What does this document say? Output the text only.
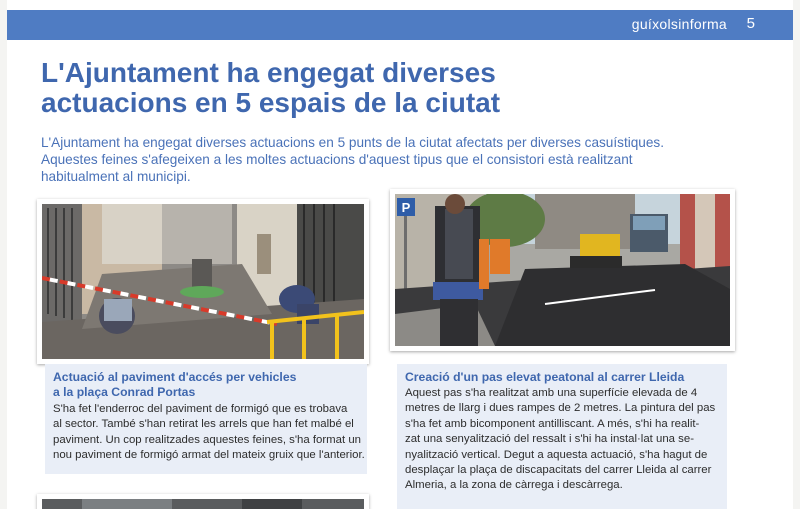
guíxolsinforma 5
L'Ajuntament ha engegat diverses
actuacions en 5 espais de la ciutat
L'Ajuntament ha engegat diverses actuacions en 5 punts de la ciutat afectats per diverses casuístiques.
Aquestes feines s'afegeixen a les moltes actuacions d'aquest tipus que el consistori està realitzant
habitualment al municipi.
P
Actuació al paviment d'accés per vehicles
a la plaça Conrad Portas
S'ha fet l'enderroc del paviment de formigó que es trobava
al sector. També s'han retirat les arrels que han fet malbé el
paviment. Un cop realitzades aquestes feines, s'ha format un
nou paviment de formigó armat del mateix gruix que l'anterior.
Creació d'un pas elevat peatonal al carrer Lleida
Aquest pas s'ha realitzat amb una superfície elevada de 4
metres de llarg i dues rampes de 2 metres. La pintura del pas
s'ha fet amb bicomponent antilliscant. A més, s'hi ha realit-
zat una senyalització del ressalt i s'hi ha instal·lat una se-
nyalització vertical. Degut a aquesta actuació, s'ha hagut de
desplaçar la plaça de discapacitats del carrer Lleida al carrer
Almeria, a la zona de càrrega i descàrrega.
